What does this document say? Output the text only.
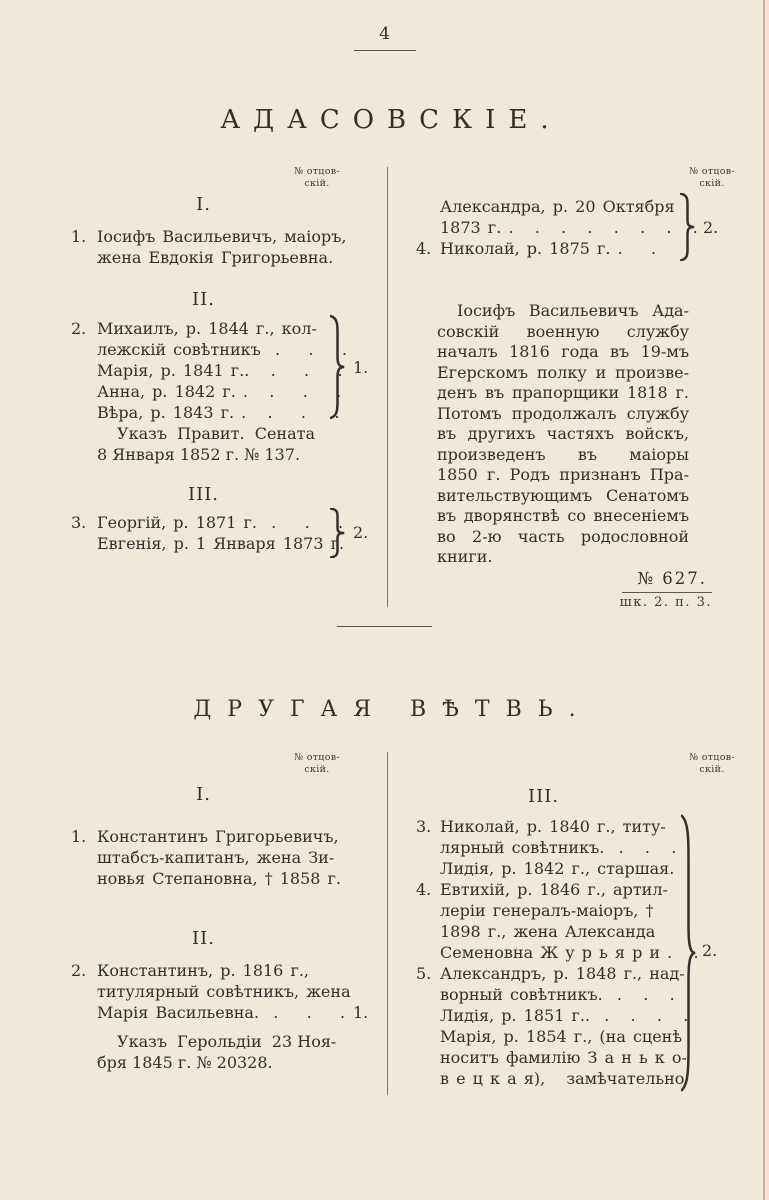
4
АДАСОВСКІЕ.
№ отцов-
скій.
№ отцов-
скій.
I.
1. Іосифъ Васильевичъ, маіоръ,
жена Евдокія Григорьевна.
II.
2. Михаилъ, р. 1844 г., кол-
лежскій совѣтникъ  .    .    .
Марія, р. 1841 г..   .    .    .
Анна, р. 1842 г. .   .    .    .
Вѣра, р. 1843 г. .   .    .    .
1.
Указъ  Правит.  Сената
8 Января 1852 г. № 137.
III.
3. Георгій, р. 1871 г.  .    .    .
Евгенія, р. 1 Января 1873 г.
2.
Александра, р. 20 Октября
1873 г. .   .   .   .   .   .   .   .
4. Николай, р. 1875 г. .    .    .
2.
Іосифъ Васильевичъ Ада-
совскій военную службу
началъ 1816 года въ 19-мъ
Егерскомъ полку и произве-
денъ въ прапорщики 1818 г.
Потомъ продолжалъ службу
въ другихъ частяхъ войскъ,
произведенъ въ маіоры
1850 г. Родъ признанъ Пра-
вительствующимъ Сенатомъ
въ дворянствѣ со внесеніемъ
во 2-ю часть родословной
книги.
№ 627.
шк. 2. п. 3.
ДРУГАЯ ВѢТВЬ.
№ отцов-
скій.
№ отцов-
скій.
I.
1. Константинъ Григорьевичъ,
штабсъ-капитанъ, жена Зи-
новья Степановна, † 1858 г.
II.
2. Константинъ, р. 1816 г.,
титулярный совѣтникъ, жена
Марія Васильевна.  .    .    . 1.
Указъ  Герольдіи  23 Ноя-
бря 1845 г. № 20328.
III.
3. Николай, р. 1840 г., титу-
лярный совѣтникъ.  .   .   .
Лидія, р. 1842 г., старшая.
4. Евтихій, р. 1846 г., артил-
леріи генералъ-маіоръ, †
1898 г., жена Александа
Семеновна Ж у р ь я р и .   .
5. Александръ, р. 1848 г., над-
ворный совѣтникъ.  .   .   .
Лидія, р. 1851 г..  .   .   .   .
Марія, р. 1854 г., (на сценѣ
носитъ фамилію З а н ь к о-
в е ц к а я),   замѣчательно
2.
